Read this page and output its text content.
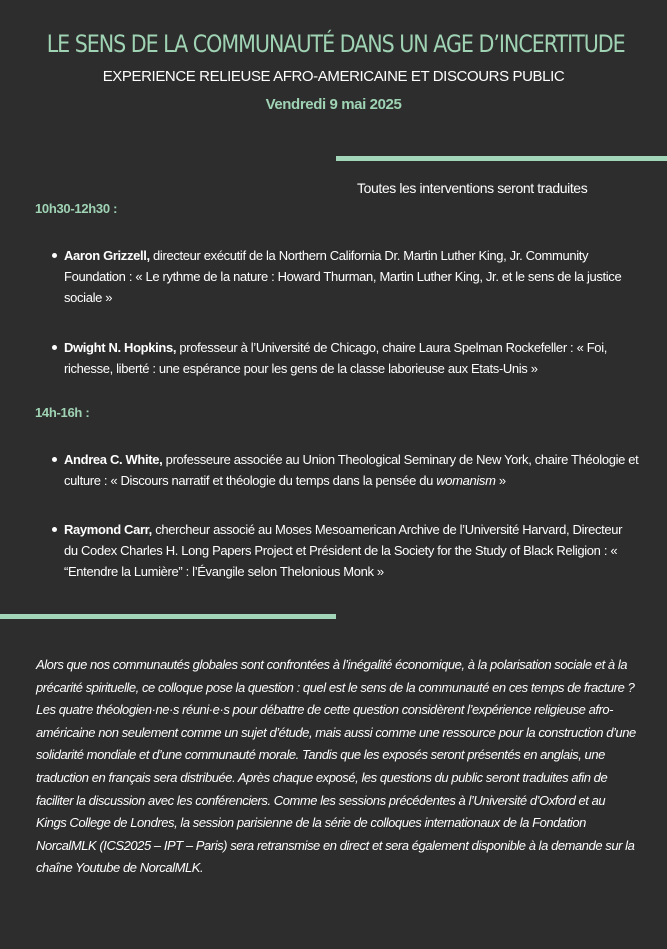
LE SENS DE LA COMMUNAUTÉ DANS UN AGE D’INCERTITUDE
EXPERIENCE RELIEUSE AFRO-AMERICAINE ET DISCOURS PUBLIC
Vendredi 9 mai 2025
Toutes les interventions seront traduites
10h30-12h30 :
Aaron Grizzell, directeur exécutif de la Northern California Dr. Martin Luther King, Jr. Community Foundation : « Le rythme de la nature : Howard Thurman, Martin Luther King, Jr. et le sens de la justice sociale »
Dwight N. Hopkins, professeur à l’Université de Chicago, chaire Laura Spelman Rockefeller : « Foi, richesse, liberté : une espérance pour les gens de la classe laborieuse aux Etats-Unis »
14h-16h :
Andrea C. White, professeure associée au Union Theological Seminary de New York, chaire Théologie et culture : « Discours narratif et théologie du temps dans la pensée du womanism »
Raymond Carr, chercheur associé au Moses Mesoamerican Archive de l’Université Harvard, Directeur du Codex Charles H. Long Papers Project et Président de la Society for the Study of Black Religion : « “Entendre la Lumière” : l’Évangile selon Thelonious Monk »
Alors que nos communautés globales sont confrontées à l’inégalité économique, à la polarisation sociale et à la précarité spirituelle, ce colloque pose la question : quel est le sens de la communauté en ces temps de fracture ? Les quatre théologien·ne·s réuni·e·s pour débattre de cette question considèrent l’expérience religieuse afro-américaine non seulement comme un sujet d’étude, mais aussi comme une ressource pour la construction d’une solidarité mondiale et d’une communauté morale. Tandis que les exposés seront présentés en anglais, une traduction en français sera distribuée. Après chaque exposé, les questions du public seront traduites afin de faciliter la discussion avec les conférenciers. Comme les sessions précédentes à l’Université d’Oxford et au Kings College de Londres, la session parisienne de la série de colloques internationaux de la Fondation NorcalMLK (ICS2025 – IPT – Paris) sera retransmise en direct et sera également disponible à la demande sur la chaîne Youtube de NorcalMLK.
